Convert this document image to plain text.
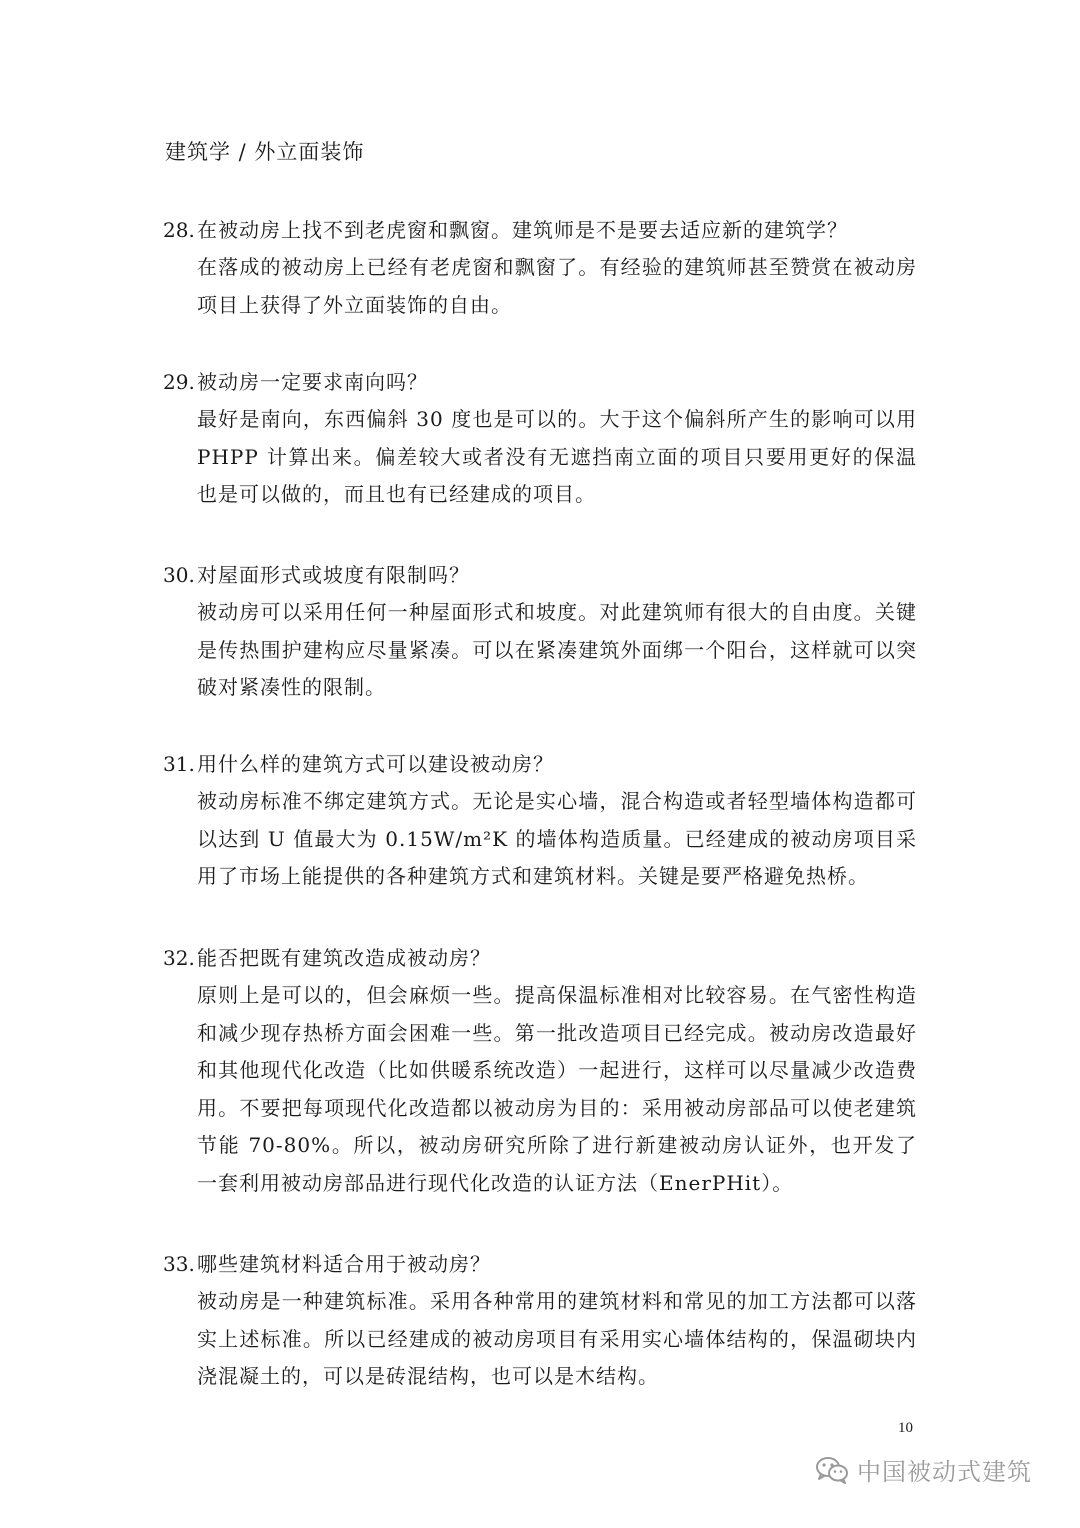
建筑学 / 外立面装饰
28. 在被动房上找不到老虎窗和飘窗。建筑师是不是要去适应新的建筑学？
在落成的被动房上已经有老虎窗和飘窗了。有经验的建筑师甚至赞赏在被动房项目上获得了外立面装饰的自由。
29. 被动房一定要求南向吗？
最好是南向，东西偏斜 30 度也是可以的。大于这个偏斜所产生的影响可以用 PHPP 计算出来。偏差较大或者没有无遮挡南立面的项目只要用更好的保温也是可以做的，而且也有已经建成的项目。
30. 对屋面形式或坡度有限制吗？
被动房可以采用任何一种屋面形式和坡度。对此建筑师有很大的自由度。关键是传热围护建构应尽量紧凑。可以在紧凑建筑外面绑一个阳台，这样就可以突破对紧凑性的限制。
31. 用什么样的建筑方式可以建设被动房？
被动房标准不绑定建筑方式。无论是实心墙，混合构造或者轻型墙体构造都可以达到 U 值最大为 0.15W/m²K 的墙体构造质量。已经建成的被动房项目采用了市场上能提供的各种建筑方式和建筑材料。关键是要严格避免热桥。
32. 能否把既有建筑改造成被动房？
原则上是可以的，但会麻烦一些。提高保温标准相对比较容易。在气密性构造和减少现存热桥方面会困难一些。第一批改造项目已经完成。被动房改造最好和其他现代化改造（比如供暖系统改造）一起进行，这样可以尽量减少改造费用。不要把每项现代化改造都以被动房为目的：采用被动房部品可以使老建筑节能 70-80%。所以，被动房研究所除了进行新建被动房认证外，也开发了一套利用被动房部品进行现代化改造的认证方法（EnerPHit）。
33. 哪些建筑材料适合用于被动房？
被动房是一种建筑标准。采用各种常用的建筑材料和常见的加工方法都可以落实上述标准。所以已经建成的被动房项目有采用实心墙体结构的，保温砌块内浇混凝土的，可以是砖混结构，也可以是木结构。
10
中国被动式建筑
